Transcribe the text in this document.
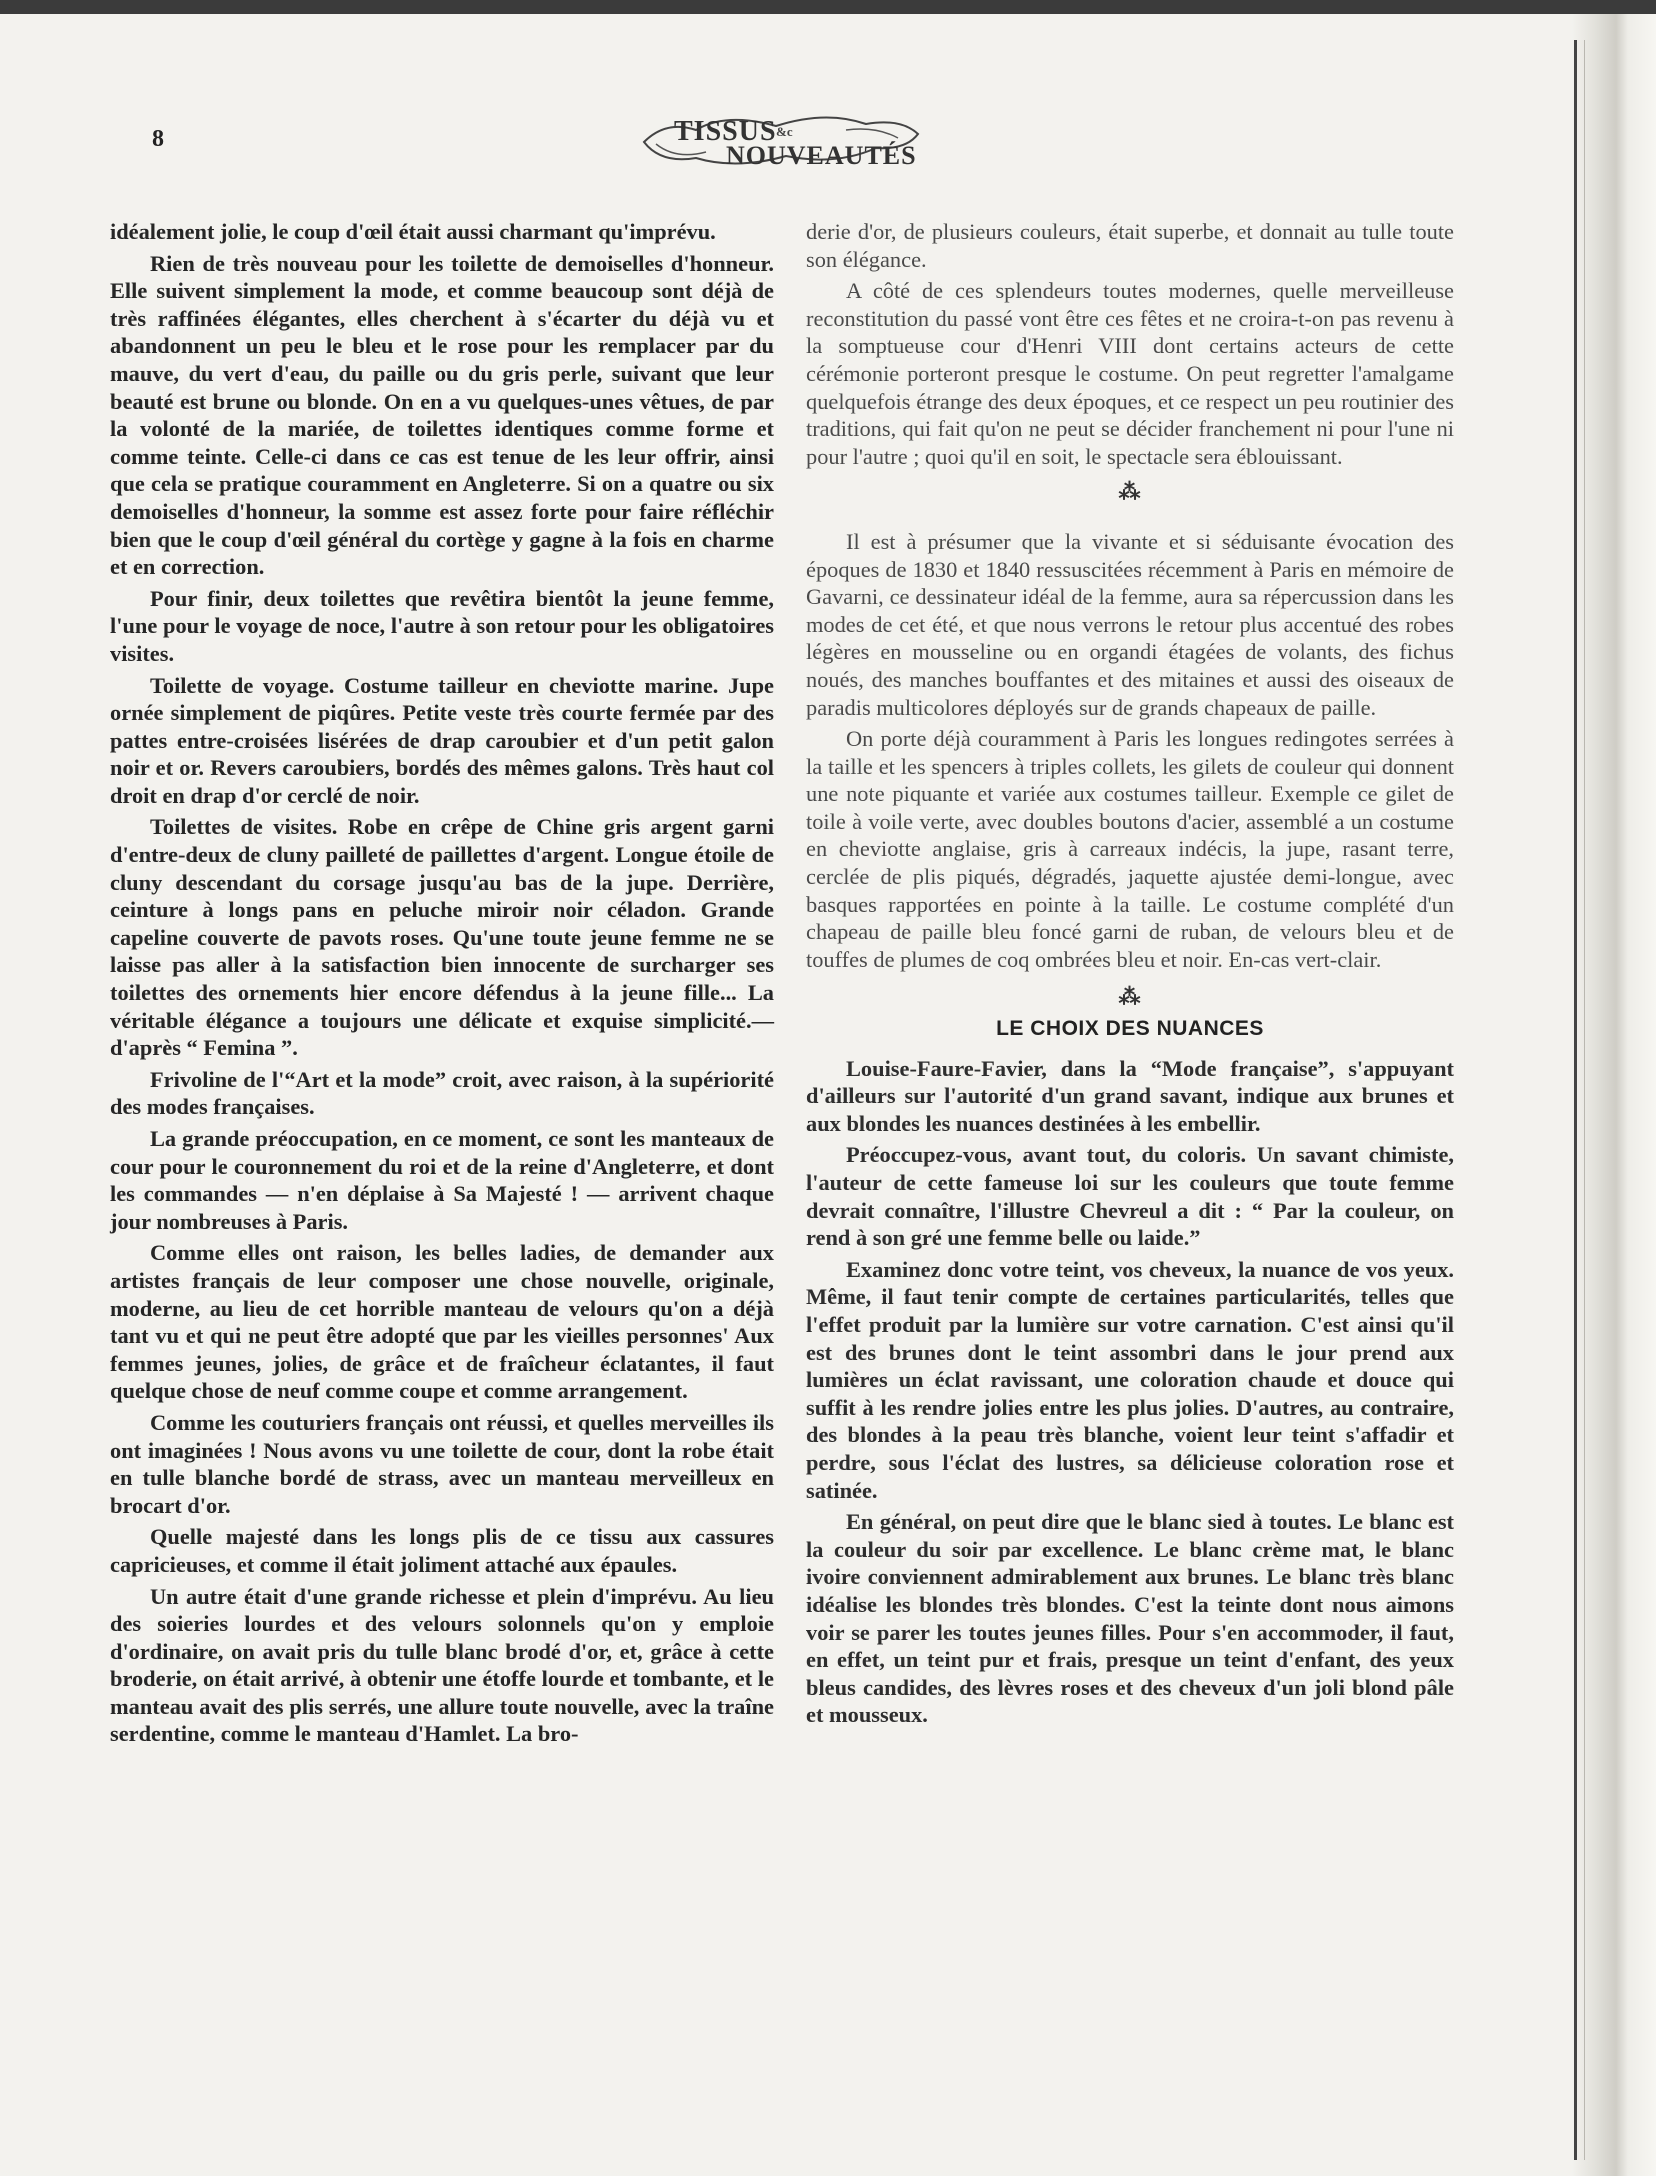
8	TISSUS &c
NOUVEAUTÉS

idéalement jolie, le coup d'œil était aussi charmant qu'imprévu.

Rien de très nouveau pour les toilette de demoiselles d'honneur. Elle suivent simplement la mode, et comme beaucoup sont déjà de très raffinées élégantes, elles cherchent à s'écarter du déjà vu et abandonnent un peu le bleu et le rose pour les remplacer par du mauve, du vert d'eau, du paille ou du gris perle, suivant que leur beauté est brune ou blonde. On en a vu quelques-unes vêtues, de par la volonté de la mariée, de toilettes identiques comme forme et comme teinte. Celle-ci dans ce cas est tenue de les leur offrir, ainsi que cela se pratique couramment en Angleterre. Si on a quatre ou six demoiselles d'honneur, la somme est assez forte pour faire réfléchir bien que le coup d'œil général du cortège y gagne à la fois en charme et en correction.

Pour finir, deux toilettes que revêtira bientôt la jeune femme, l'une pour le voyage de noce, l'autre à son retour pour les obligatoires visites.

Toilette de voyage. Costume tailleur en cheviotte marine. Jupe ornée simplement de piqûres. Petite veste très courte fermée par des pattes entre-croisées lisérées de drap caroubier et d'un petit galon noir et or. Revers caroubiers, bordés des mêmes galons. Très haut col droit en drap d'or cerclé de noir.

Toilettes de visites. Robe en crêpe de Chine gris argent garni d'entre-deux de cluny pailleté de paillettes d'argent. Longue étoile de cluny descendant du corsage jusqu'au bas de la jupe. Derrière, ceinture à longs pans en peluche miroir noir céladon. Grande capeline couverte de pavots roses. Qu'une toute jeune femme ne se laisse pas aller à la satisfaction bien innocente de surcharger ses toilettes des ornements hier encore défendus à la jeune fille... La véritable élégance a toujours une délicate et exquise simplicité.— d'après “ Femina ”.

Frivoline de l'“Art et la mode” croit, avec raison, à la supériorité des modes françaises.

La grande préoccupation, en ce moment, ce sont les manteaux de cour pour le couronnement du roi et de la reine d'Angleterre, et dont les commandes — n'en déplaise à Sa Majesté ! — arrivent chaque jour nombreuses à Paris.

Comme elles ont raison, les belles ladies, de demander aux artistes français de leur composer une chose nouvelle, originale, moderne, au lieu de cet horrible manteau de velours qu'on a déjà tant vu et qui ne peut être adopté que par les vieilles personnes' Aux femmes jeunes, jolies, de grâce et de fraîcheur éclatantes, il faut quelque chose de neuf comme coupe et comme arrangement.

Comme les couturiers français ont réussi, et quelles merveilles ils ont imaginées ! Nous avons vu une toilette de cour, dont la robe était en tulle blanche bordé de strass, avec un manteau merveilleux en brocart d'or.

Quelle majesté dans les longs plis de ce tissu aux cassures capricieuses, et comme il était joliment attaché aux épaules.

Un autre était d'une grande richesse et plein d'imprévu. Au lieu des soieries lourdes et des velours solonnels qu'on y emploie d'ordinaire, on avait pris du tulle blanc brodé d'or, et, grâce à cette broderie, on était arrivé, à obtenir une étoffe lourde et tombante, et le manteau avait des plis serrés, une allure toute nouvelle, avec la traîne serdentine, comme le manteau d'Hamlet. La bro-

derie d'or, de plusieurs couleurs, était superbe, et donnait au tulle toute son élégance.

A côté de ces splendeurs toutes modernes, quelle merveilleuse reconstitution du passé vont être ces fêtes et ne croira-t-on pas revenu à la somptueuse cour d'Henri VIII dont certains acteurs de cette cérémonie porteront presque le costume. On peut regretter l'amalgame quelquefois étrange des deux époques, et ce respect un peu routinier des traditions, qui fait qu'on ne peut se décider franchement ni pour l'une ni pour l'autre ; quoi qu'il en soit, le spectacle sera éblouissant.

⁂

Il est à présumer que la vivante et si séduisante évocation des époques de 1830 et 1840 ressuscitées récemment à Paris en mémoire de Gavarni, ce dessinateur idéal de la femme, aura sa répercussion dans les modes de cet été, et que nous verrons le retour plus accentué des robes légères en mousseline ou en organdi étagées de volants, des fichus noués, des manches bouffantes et des mitaines et aussi des oiseaux de paradis multicolores déployés sur de grands chapeaux de paille.

On porte déjà couramment à Paris les longues redingotes serrées à la taille et les spencers à triples collets, les gilets de couleur qui donnent une note piquante et variée aux costumes tailleur. Exemple ce gilet de toile à voile verte, avec doubles boutons d'acier, assemblé a un costume en cheviotte anglaise, gris à carreaux indécis, la jupe, rasant terre, cerclée de plis piqués, dégradés, jaquette ajustée demi-longue, avec basques rapportées en pointe à la taille. Le costume complété d'un chapeau de paille bleu foncé garni de ruban, de velours bleu et de touffes de plumes de coq ombrées bleu et noir. En-cas vert-clair.

⁂
LE CHOIX DES NUANCES

Louise-Faure-Favier, dans la “Mode française”, s'appuyant d'ailleurs sur l'autorité d'un grand savant, indique aux brunes et aux blondes les nuances destinées à les embellir.

Préoccupez-vous, avant tout, du coloris. Un savant chimiste, l'auteur de cette fameuse loi sur les couleurs que toute femme devrait connaître, l'illustre Chevreul a dit : “ Par la couleur, on rend à son gré une femme belle ou laide.”

Examinez donc votre teint, vos cheveux, la nuance de vos yeux. Même, il faut tenir compte de certaines particularités, telles que l'effet produit par la lumière sur votre carnation. C'est ainsi qu'il est des brunes dont le teint assombri dans le jour prend aux lumières un éclat ravissant, une coloration chaude et douce qui suffit à les rendre jolies entre les plus jolies. D'autres, au contraire, des blondes à la peau très blanche, voient leur teint s'affadir et perdre, sous l'éclat des lustres, sa délicieuse coloration rose et satinée.

En général, on peut dire que le blanc sied à toutes. Le blanc est la couleur du soir par excellence. Le blanc crème mat, le blanc ivoire conviennent admirablement aux brunes. Le blanc très blanc idéalise les blondes très blondes. C'est la teinte dont nous aimons voir se parer les toutes jeunes filles. Pour s'en accommoder, il faut, en effet, un teint pur et frais, presque un teint d'enfant, des yeux bleus candides, des lèvres roses et des cheveux d'un joli blond pâle et mousseux.
